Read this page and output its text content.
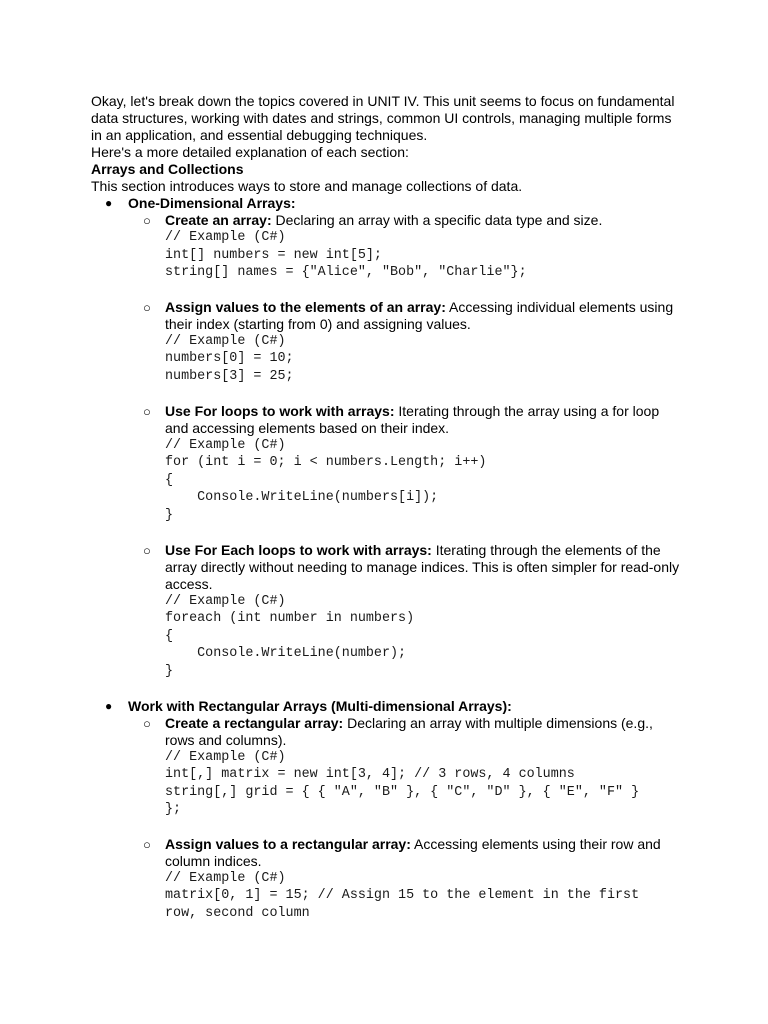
Okay, let's break down the topics covered in UNIT IV. This unit seems to focus on fundamental data structures, working with dates and strings, common UI controls, managing multiple forms in an application, and essential debugging techniques.

Here's a more detailed explanation of each section:

Arrays and Collections

This section introduces ways to store and manage collections of data.

● One-Dimensional Arrays:

○ Create an array: Declaring an array with a specific data type and size.

// Example (C#)
int[] numbers = new int[5];
string[] names = {"Alice", "Bob", "Charlie"};

○ Assign values to the elements of an array: Accessing individual elements using their index (starting from 0) and assigning values.

// Example (C#)
numbers[0] = 10;
numbers[3] = 25;

○ Use For loops to work with arrays: Iterating through the array using a for loop and accessing elements based on their index.

// Example (C#)
for (int i = 0; i < numbers.Length; i++)
{
Console.WriteLine(numbers[i]);
}

○ Use For Each loops to work with arrays: Iterating through the elements of the array directly without needing to manage indices. This is often simpler for read-only access.

// Example (C#)
foreach (int number in numbers)
{
Console.WriteLine(number);
}

● Work with Rectangular Arrays (Multi-dimensional Arrays):

○ Create a rectangular array: Declaring an array with multiple dimensions (e.g., rows and columns).

// Example (C#)
int[,] matrix = new int[3, 4]; // 3 rows, 4 columns
string[,] grid = { { "A", "B" }, { "C", "D" }, { "E", "F" }
};

○ Assign values to a rectangular array: Accessing elements using their row and column indices.

// Example (C#)
matrix[0, 1] = 15; // Assign 15 to the element in the first
row, second column
